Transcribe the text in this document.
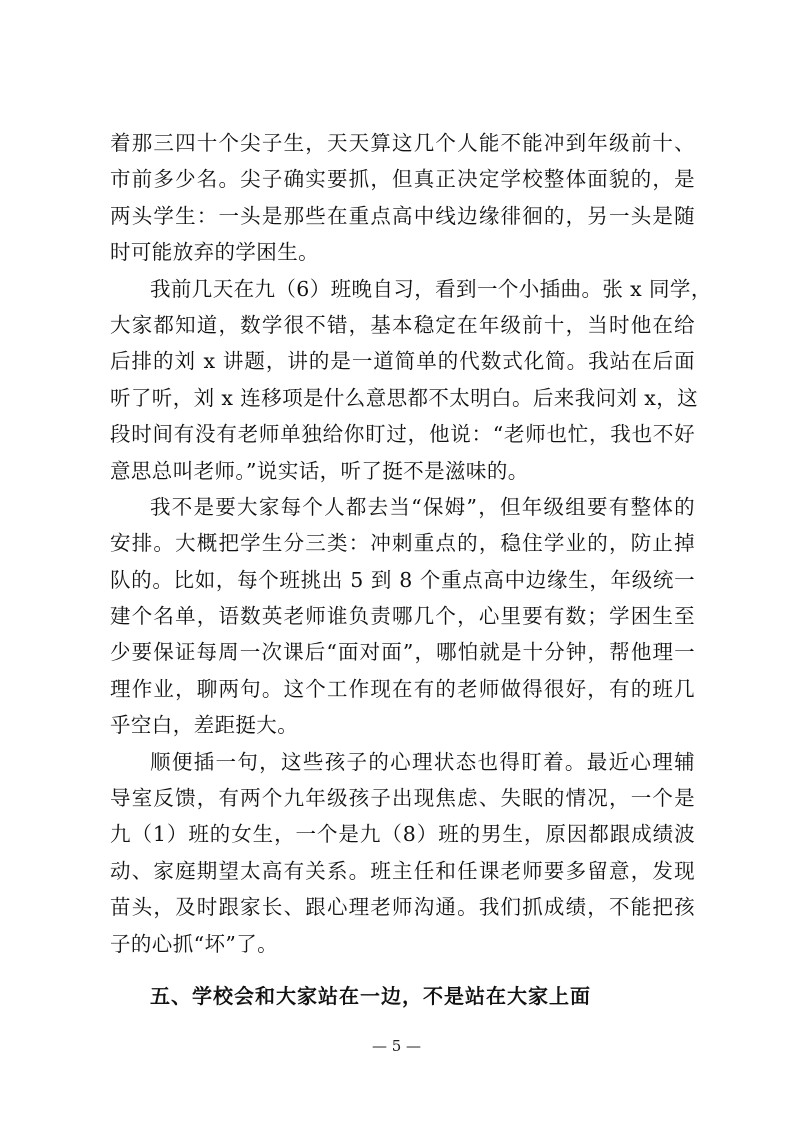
着那三四十个尖子生，天天算这几个人能不能冲到年级前十、
市前多少名。尖子确实要抓，但真正决定学校整体面貌的，是
两头学生：一头是那些在重点高中线边缘徘徊的，另一头是随
时可能放弃的学困生。
我前几天在九（6）班晚自习，看到一个小插曲。张 x 同学，
大家都知道，数学很不错，基本稳定在年级前十，当时他在给
后排的刘 x 讲题，讲的是一道简单的代数式化简。我站在后面
听了听，刘 x 连移项是什么意思都不太明白。后来我问刘 x，这
段时间有没有老师单独给你盯过，他说：“老师也忙，我也不好
意思总叫老师。”说实话，听了挺不是滋味的。
我不是要大家每个人都去当“保姆”，但年级组要有整体的
安排。大概把学生分三类：冲刺重点的，稳住学业的，防止掉
队的。比如，每个班挑出 5 到 8 个重点高中边缘生，年级统一
建个名单，语数英老师谁负责哪几个，心里要有数；学困生至
少要保证每周一次课后“面对面”，哪怕就是十分钟，帮他理一
理作业，聊两句。这个工作现在有的老师做得很好，有的班几
乎空白，差距挺大。
顺便插一句，这些孩子的心理状态也得盯着。最近心理辅
导室反馈，有两个九年级孩子出现焦虑、失眠的情况，一个是
九（1）班的女生，一个是九（8）班的男生，原因都跟成绩波
动、家庭期望太高有关系。班主任和任课老师要多留意，发现
苗头，及时跟家长、跟心理老师沟通。我们抓成绩，不能把孩
子的心抓“坏”了。
五、学校会和大家站在一边，不是站在大家上面
— 5 —
